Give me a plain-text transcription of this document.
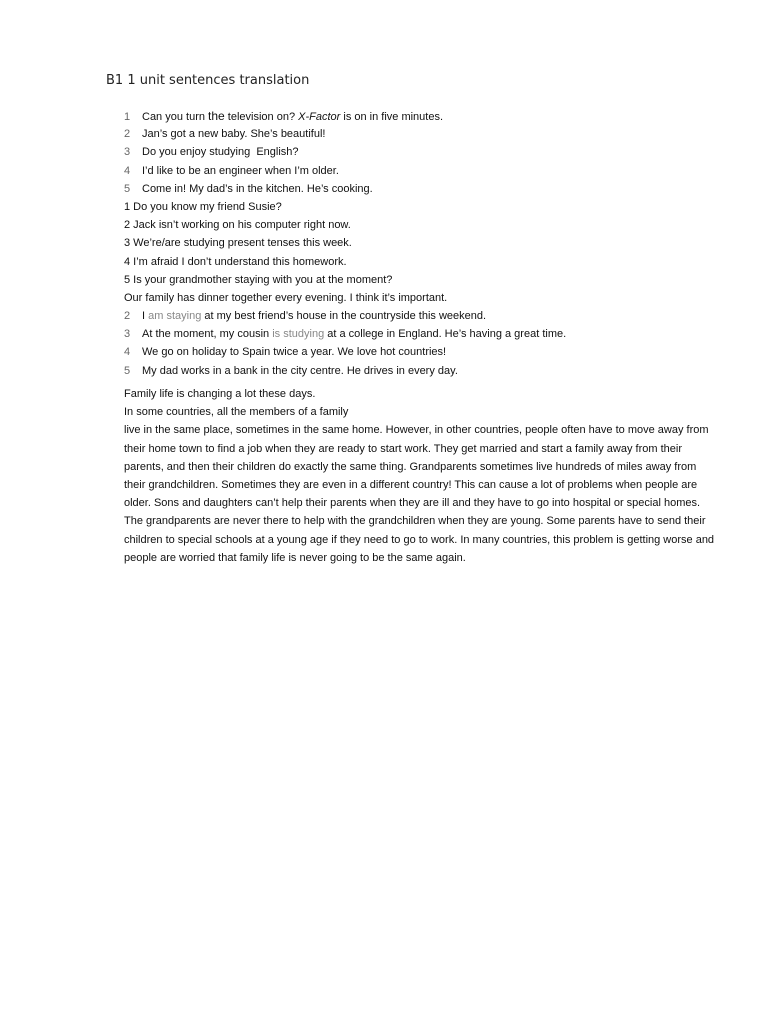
B1 1 unit sentences translation
1 Can you turn the television on? X-Factor is on in five minutes.
2 Jan’s got a new baby. She’s beautiful!
3 Do you enjoy studying  English?
4 I’d like to be an engineer when I’m older.
5 Come in! My dad’s in the kitchen. He’s cooking.
1 Do you know my friend Susie?
2 Jack isn’t working on his computer right now.
3 We’re/are studying present tenses this week.
4 I’m afraid I don’t understand this homework.
5 Is your grandmother staying with you at the moment?
Our family has dinner together every evening. I think it’s important.
2 I am staying at my best friend’s house in the countryside this weekend.
3 At the moment, my cousin is studying at a college in England. He’s having a great time.
4 We go on holiday to Spain twice a year. We love hot countries!
5 My dad works in a bank in the city centre. He drives in every day.
Family life is changing a lot these days.
In some countries, all the members of a family
live in the same place, sometimes in the same home. However, in other countries, people often have to move away from their home town to find a job when they are ready to start work. They get married and start a family away from their parents, and then their children do exactly the same thing. Grandparents sometimes live hundreds of miles away from their grandchildren. Sometimes they are even in a different country! This can cause a lot of problems when people are older. Sons and daughters can’t help their parents when they are ill and they have to go into hospital or special homes. The grandparents are never there to help with the grandchildren when they are young. Some parents have to send their children to special schools at a young age if they need to go to work. In many countries, this problem is getting worse and people are worried that family life is never going to be the same again.
